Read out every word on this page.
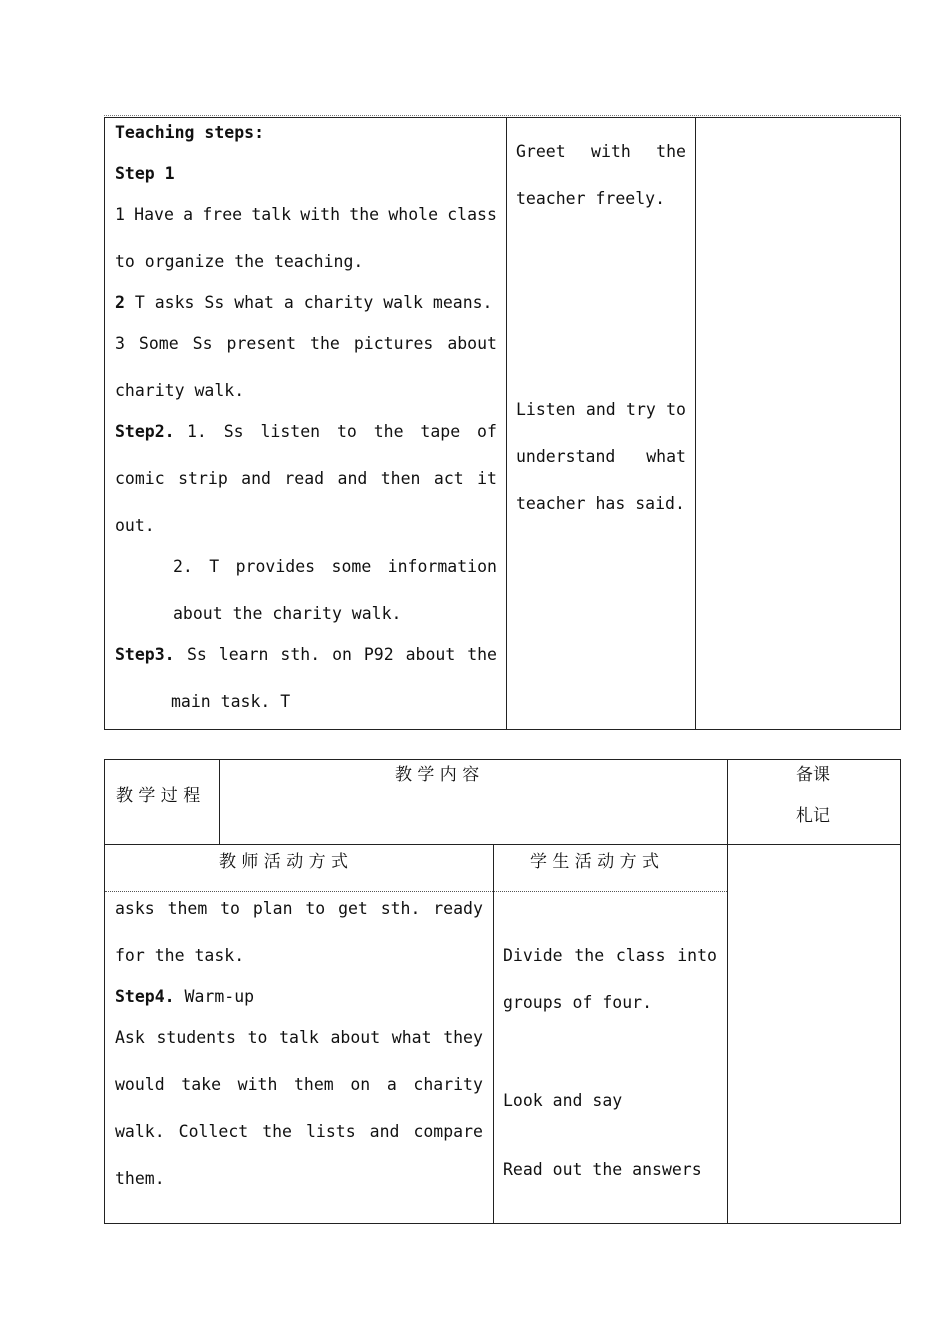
Teaching steps:
Step 1
1 Have a free talk with the whole class
to organize the teaching.
2 T asks Ss what a charity walk means.
3 Some Ss present the pictures about
charity walk.
Step2. 1. Ss listen to the tape of
comic strip and read and then act it
out.
2. T provides some information
about the charity walk.
Step3. Ss learn sth. on P92 about the
main task. T
Greet with the
teacher freely.
Listen and try to
understand what
teacher has said.
教 学 过 程
教 学 内 容	备课
札记
教 师 活 动 方 式	学 生 活 动 方 式
asks them to plan to get sth. ready
for the task.
Step4. Warm-up
Ask students to talk about what they
would take with them on a charity
walk. Collect the lists and compare
them.
Divide the class into
groups of four.
Look and say
Read out the answers
